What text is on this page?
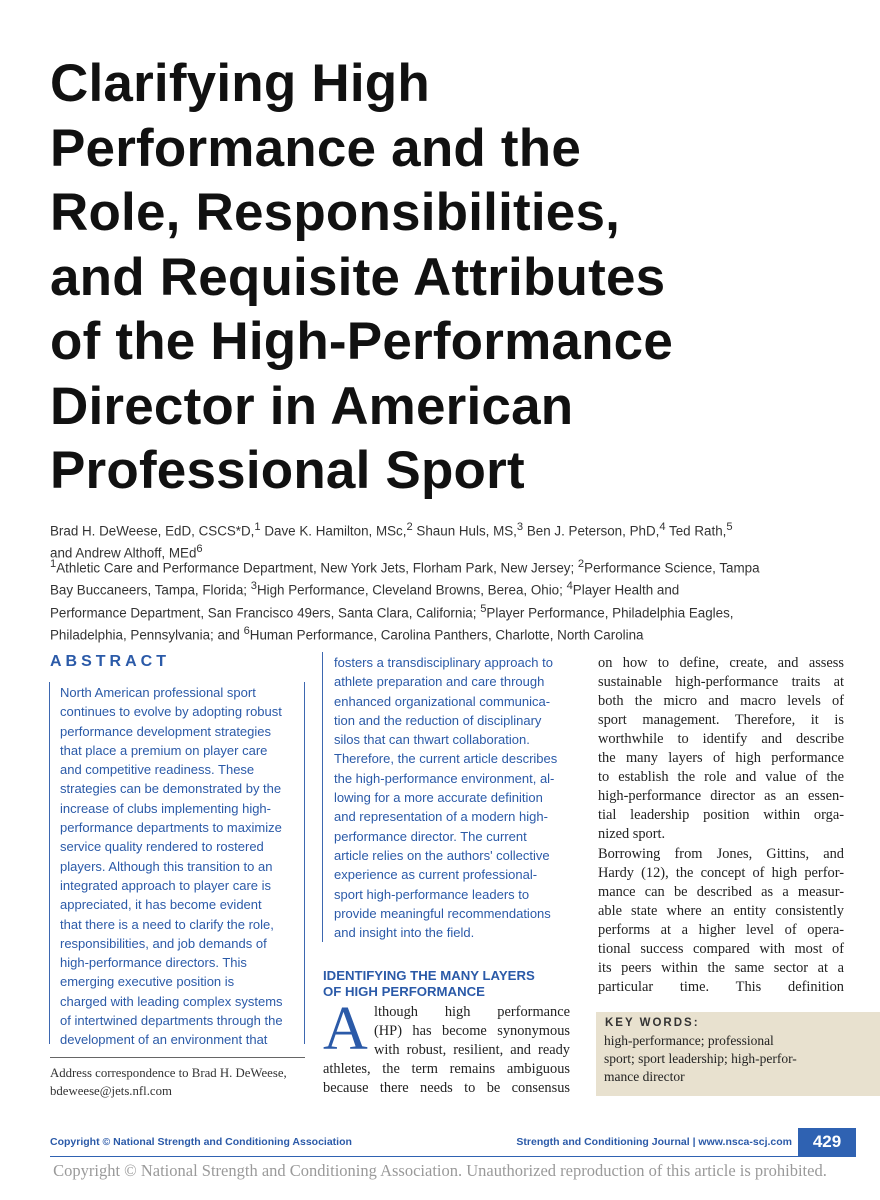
Clarifying High
Performance and the
Role, Responsibilities,
and Requisite Attributes
of the High-Performance
Director in American
Professional Sport

Brad H. DeWeese, EdD, CSCS*D,$^1$ Dave K. Hamilton, MSc,$^2$ Shaun Huls, MS,$^3$ Ben J. Peterson, PhD,$^4$ Ted Rath,$^5$
and Andrew Althoff, MEd$^6$

$^1$Athletic Care and Performance Department, New York Jets, Florham Park, New Jersey; $^2$Performance Science, Tampa
Bay Buccaneers, Tampa, Florida; $^3$High Performance, Cleveland Browns, Berea, Ohio; $^4$Player Health and
Performance Department, San Francisco 49ers, Santa Clara, California; $^5$Player Performance, Philadelphia Eagles,
Philadelphia, Pennsylvania; and $^6$Human Performance, Carolina Panthers, Charlotte, North Carolina

ABSTRACT

North American professional sport
continues to evolve by adopting robust
performance development strategies
that place a premium on player care
and competitive readiness. These
strategies can be demonstrated by the
increase of clubs implementing high-
performance departments to maximize
service quality rendered to rostered
players. Although this transition to an
integrated approach to player care is
appreciated, it has become evident
that there is a need to clarify the role,
responsibilities, and job demands of
high-performance directors. This
emerging executive position is
charged with leading complex systems
of intertwined departments through the
development of an environment that

fosters a transdisciplinary approach to
athlete preparation and care through
enhanced organizational communica-
tion and the reduction of disciplinary
silos that can thwart collaboration.
Therefore, the current article describes
the high-performance environment, al-
lowing for a more accurate definition
and representation of a modern high-
performance director. The current
article relies on the authors' collective
experience as current professional-
sport high-performance leaders to
provide meaningful recommendations
and insight into the field.

IDENTIFYING THE MANY LAYERS
OF HIGH PERFORMANCE
A lthough high performance
(HP) has become synonymous
with robust, resilient, and ready

athletes, the term remains ambiguous
because there needs to be consensus

on how to define, create, and assess
sustainable high-performance traits at
both the micro and macro levels of
sport management. Therefore, it is
worthwhile to identify and describe
the many layers of high performance
to establish the role and value of the
high-performance director as an essen-
tial leadership position within orga-
nized sport.

Borrowing from Jones, Gittins, and
Hardy (12), the concept of high perfor-
mance can be described as a measur-
able state where an entity consistently
performs at a higher level of opera-
tional success compared with most of
its peers within the same sector at a
particular time. This definition

Address correspondence to Brad H. DeWeese,
bdeweese@jets.nfl.com

KEY WORDS:

high-performance; professional
sport; sport leadership; high-perfor-
mance director

Copyright © National Strength and Conditioning Association	Strength and Conditioning Journal | www.nsca-scj.com	429

Copyright © National Strength and Conditioning Association. Unauthorized reproduction of this article is prohibited.
